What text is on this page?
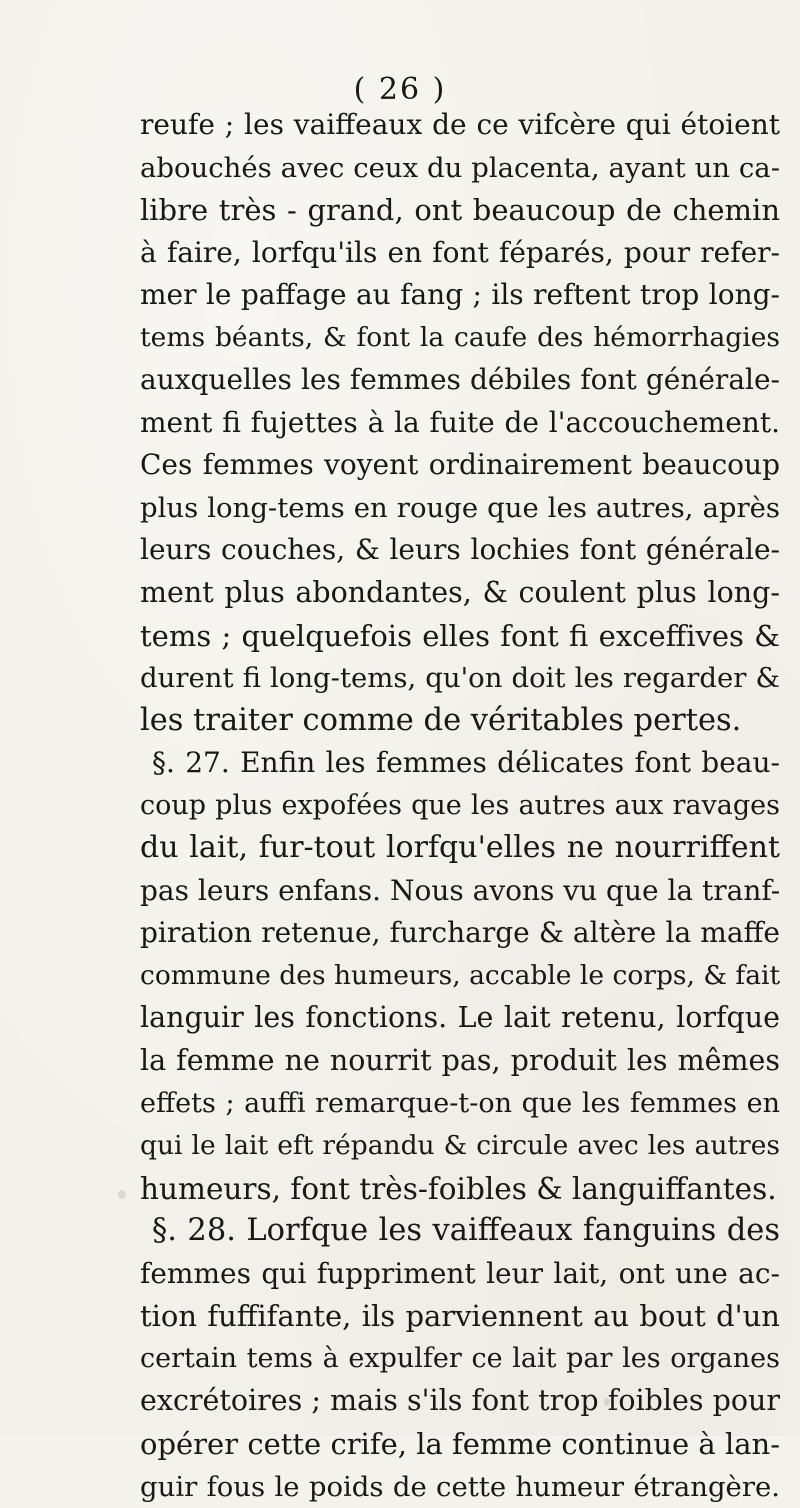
( 26 )
reufe ; les vaiffeaux de ce vifcère qui étoient
abouchés avec ceux du placenta, ayant un ca-
libre très - grand, ont beaucoup de chemin
à faire, lorfqu'ils en font féparés, pour refer-
mer le paffage au fang ; ils reftent trop long-
tems béants, & font la caufe des hémorrhagies
auxquelles les femmes débiles font générale-
ment fi fujettes à la fuite de l'accouchement.
Ces femmes voyent ordinairement beaucoup
plus long-tems en rouge que les autres, après
leurs couches, & leurs lochies font générale-
ment plus abondantes, & coulent plus long-
tems ; quelquefois elles font fi exceffives &
durent fi long-tems, qu'on doit les regarder &
les traiter comme de véritables pertes.
§. 27. Enfin les femmes délicates font beau-
coup plus expofées que les autres aux ravages
du lait, fur-tout lorfqu'elles ne nourriffent
pas leurs enfans. Nous avons vu que la tranf-
piration retenue, furcharge & altère la maffe
commune des humeurs, accable le corps, & fait
languir les fonctions. Le lait retenu, lorfque
la femme ne nourrit pas, produit les mêmes
effets ; auffi remarque-t-on que les femmes en
qui le lait eft répandu & circule avec les autres
humeurs, font très-foibles & languiffantes.
§. 28. Lorfque les vaiffeaux fanguins des
femmes qui fuppriment leur lait, ont une ac-
tion fuffifante, ils parviennent au bout d'un
certain tems à expulfer ce lait par les organes
excrétoires ; mais s'ils font trop foibles pour
opérer cette crife, la femme continue à lan-
guir fous le poids de cette humeur étrangère.
